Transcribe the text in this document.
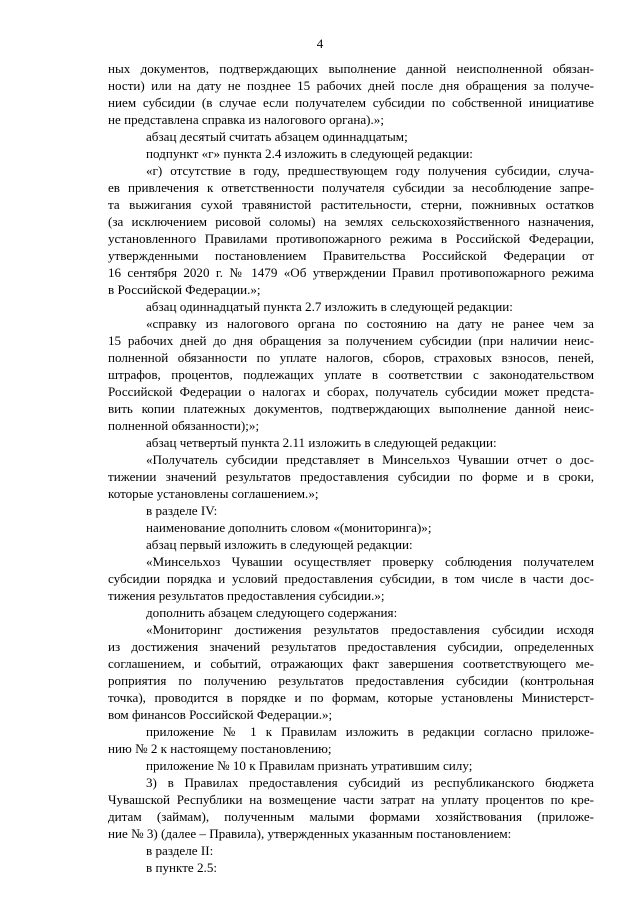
4
ных документов, подтверждающих выполнение данной неисполненной обязан-
ности) или на дату не позднее 15 рабочих дней после дня обращения за получе-
нием субсидии (в случае если получателем субсидии по собственной инициативе
не представлена справка из налогового органа).»;
абзац десятый считать абзацем одиннадцатым;
подпункт «г» пункта 2.4 изложить в следующей редакции:
«г) отсутствие в году, предшествующем году получения субсидии, случа-
ев привлечения к ответственности получателя субсидии за несоблюдение запре-
та выжигания сухой травянистой растительности, стерни, пожнивных остатков
(за исключением рисовой соломы) на землях сельскохозяйственного назначения,
установленного Правилами противопожарного режима в Российской Федерации,
утвержденными постановлением Правительства Российской Федерации от
16 сентября 2020 г. № 1479 «Об утверждении Правил противопожарного режима
в Российской Федерации.»;
абзац одиннадцатый пункта 2.7 изложить в следующей редакции:
«справку из налогового органа по состоянию на дату не ранее чем за
15 рабочих дней до дня обращения за получением субсидии (при наличии неис-
полненной обязанности по уплате налогов, сборов, страховых взносов, пеней,
штрафов, процентов, подлежащих уплате в соответствии с законодательством
Российской Федерации о налогах и сборах, получатель субсидии может предста-
вить копии платежных документов, подтверждающих выполнение данной неис-
полненной обязанности);»;
абзац четвертый пункта 2.11 изложить в следующей редакции:
«Получатель субсидии представляет в Минсельхоз Чувашии отчет о дос-
тижении значений результатов предоставления субсидии по форме и в сроки,
которые установлены соглашением.»;
в разделе IV:
наименование дополнить словом «(мониторинга)»;
абзац первый изложить в следующей редакции:
«Минсельхоз Чувашии осуществляет проверку соблюдения получателем
субсидии порядка и условий предоставления субсидии, в том числе в части дос-
тижения результатов предоставления субсидии.»;
дополнить абзацем следующего содержания:
«Мониторинг достижения результатов предоставления субсидии исходя
из достижения значений результатов предоставления субсидии, определенных
соглашением, и событий, отражающих факт завершения соответствующего ме-
роприятия по получению результатов предоставления субсидии (контрольная
точка), проводится в порядке и по формам, которые установлены Министерст-
вом финансов Российской Федерации.»;
приложение № 1 к Правилам изложить в редакции согласно приложе-
нию № 2 к настоящему постановлению;
приложение № 10 к Правилам признать утратившим силу;
3) в Правилах предоставления субсидий из республиканского бюджета
Чувашской Республики на возмещение части затрат на уплату процентов по кре-
дитам (займам), полученным малыми формами хозяйствования (приложе-
ние № 3) (далее – Правила), утвержденных указанным постановлением:
в разделе II:
в пункте 2.5:
